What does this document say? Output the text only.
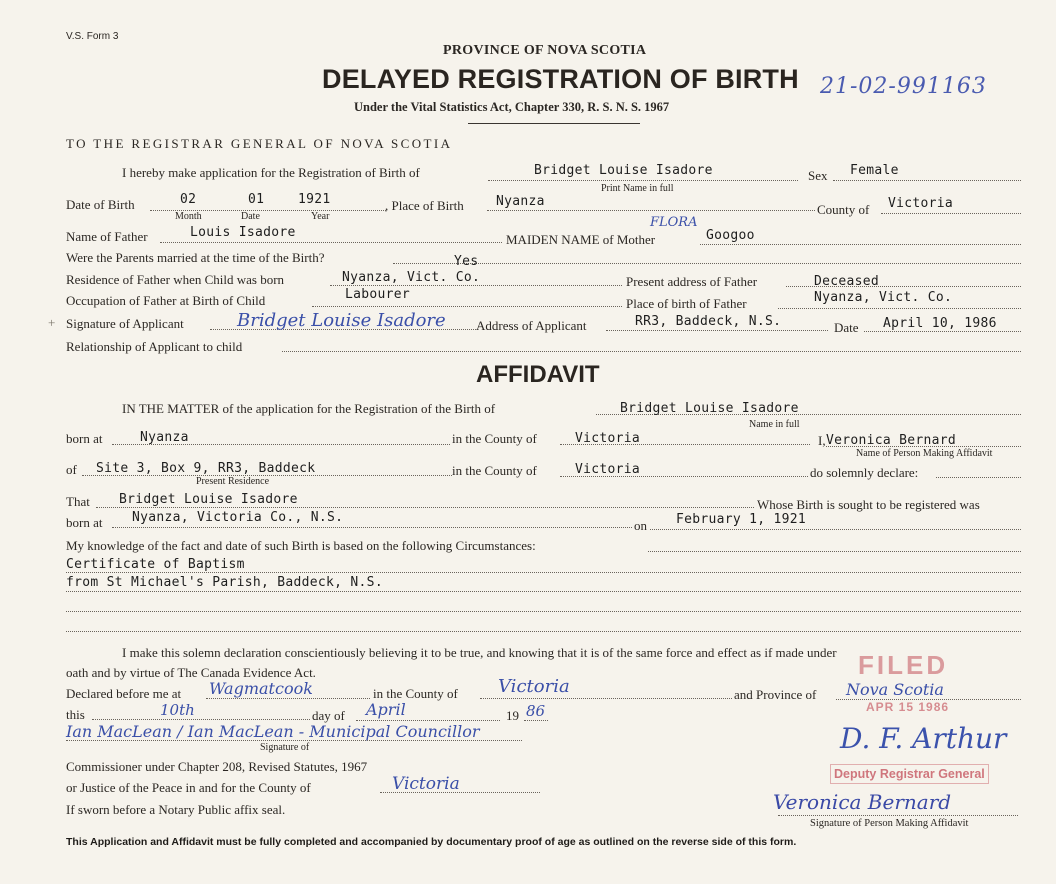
V.S. Form 3
PROVINCE OF NOVA SCOTIA
DELAYED REGISTRATION OF BIRTH
Under the Vital Statistics Act, Chapter 330, R. S. N. S. 1967
21-02-991163
TO THE REGISTRAR GENERAL OF NOVA SCOTIA
I hereby make application for the Registration of Birth of	Bridget Louise Isadore
Print Name in full
Sex Female
Date of Birth	02	01	1921
Month	Date	Year
, Place of Birth Nyanza
County of Victoria
Name of Father	Louis Isadore	MAIDEN NAME of Mother
FLORA
Googoo
Were the Parents married at the time of the Birth?	Yes
Residence of Father when Child was born	Nyanza, Vict. Co.	Present address of Father	Deceased
Occupation of Father at Birth of Child	Labourer
Place of birth of Father	Nyanza, Vict. Co.
+ Signature of Applicant	Bridget Louise Isadore Address of Applicant	RR3, Baddeck, N.S.	Date April 10, 1986
Relationship of Applicant to child
AFFIDAVIT
IN THE MATTER of the application for the Registration of the Birth of	Bridget Louise Isadore
Name in full
born at	Nyanza	in the County of	Victoria	I, Veronica Bernard
Name of Person Making Affidavit
of Site 3, Box 9, RR3, Baddeck
Present Residence
in the County of	Victoria	do solemnly declare:
That Bridget Louise Isadore	Whose Birth is sought to be registered was
born at Nyanza, Victoria Co., N.S.
on February 1, 1921
My knowledge of the fact and date of such Birth is based on the following Circumstances:
Certificate of Baptism
from St Michael's Parish, Baddeck, N.S.
I make this solemn declaration conscientiously believing it to be true, and knowing that it is of the same force and effect as if made under
oath and by virtue of The Canada Evidence Act.
Declared before me at Wagmatcook	in the County of Victoria	and Province of Nova Scotia
this	10th	day of April	19 86
Ian MacLean / Ian MacLean - Municipal Councillor
Signature of
Commissioner under Chapter 208, Revised Statutes, 1967
or Justice of the Peace in and for the County of	Victoria
If sworn before a Notary Public affix seal.
FILED
APR 15 1986
D. F. Arthur
Deputy Registrar General
Veronica Bernard
Signature of Person Making Affidavit
This Application and Affidavit must be fully completed and accompanied by documentary proof of age as outlined on the reverse side of this form.
